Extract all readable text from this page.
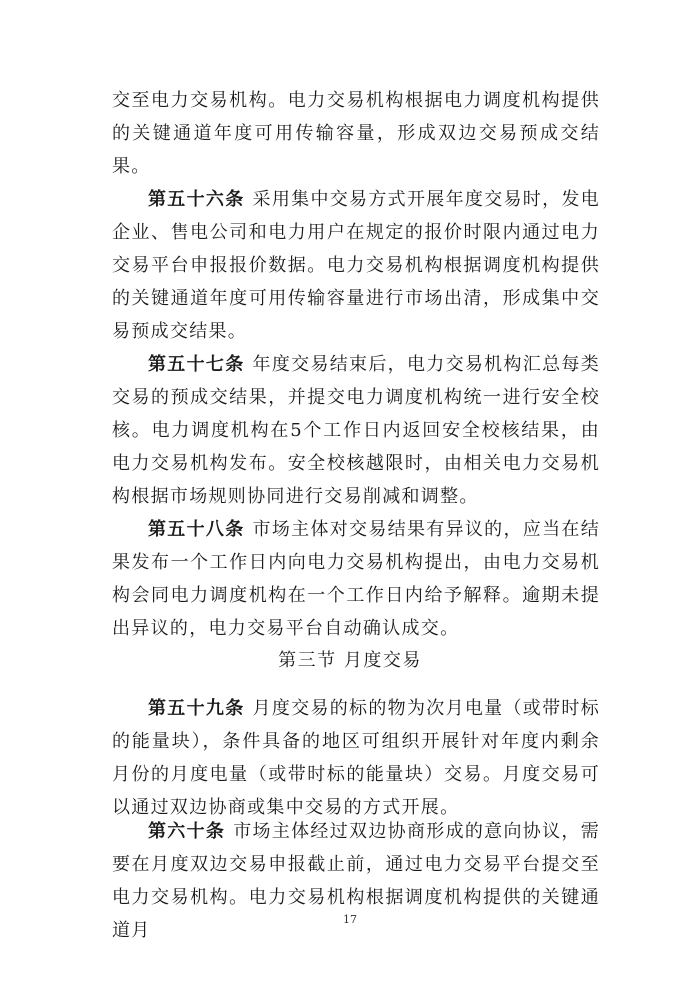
交至电力交易机构。电力交易机构根据电力调度机构提供的关键通道年度可用传输容量，形成双边交易预成交结果。

第五十六条 采用集中交易方式开展年度交易时，发电企业、售电公司和电力用户在规定的报价时限内通过电力交易平台申报报价数据。电力交易机构根据调度机构提供的关键通道年度可用传输容量进行市场出清，形成集中交易预成交结果。

第五十七条 年度交易结束后，电力交易机构汇总每类交易的预成交结果，并提交电力调度机构统一进行安全校核。电力调度机构在5个工作日内返回安全校核结果，由电力交易机构发布。安全校核越限时，由相关电力交易机构根据市场规则协同进行交易削减和调整。

第五十八条 市场主体对交易结果有异议的，应当在结果发布一个工作日内向电力交易机构提出，由电力交易机构会同电力调度机构在一个工作日内给予解释。逾期未提出异议的，电力交易平台自动确认成交。

第三节 月度交易

第五十九条 月度交易的标的物为次月电量（或带时标的能量块），条件具备的地区可组织开展针对年度内剩余月份的月度电量（或带时标的能量块）交易。月度交易可以通过双边协商或集中交易的方式开展。

第六十条 市场主体经过双边协商形成的意向协议，需要在月度双边交易申报截止前，通过电力交易平台提交至电力交易机构。电力交易机构根据调度机构提供的关键通道月

17
